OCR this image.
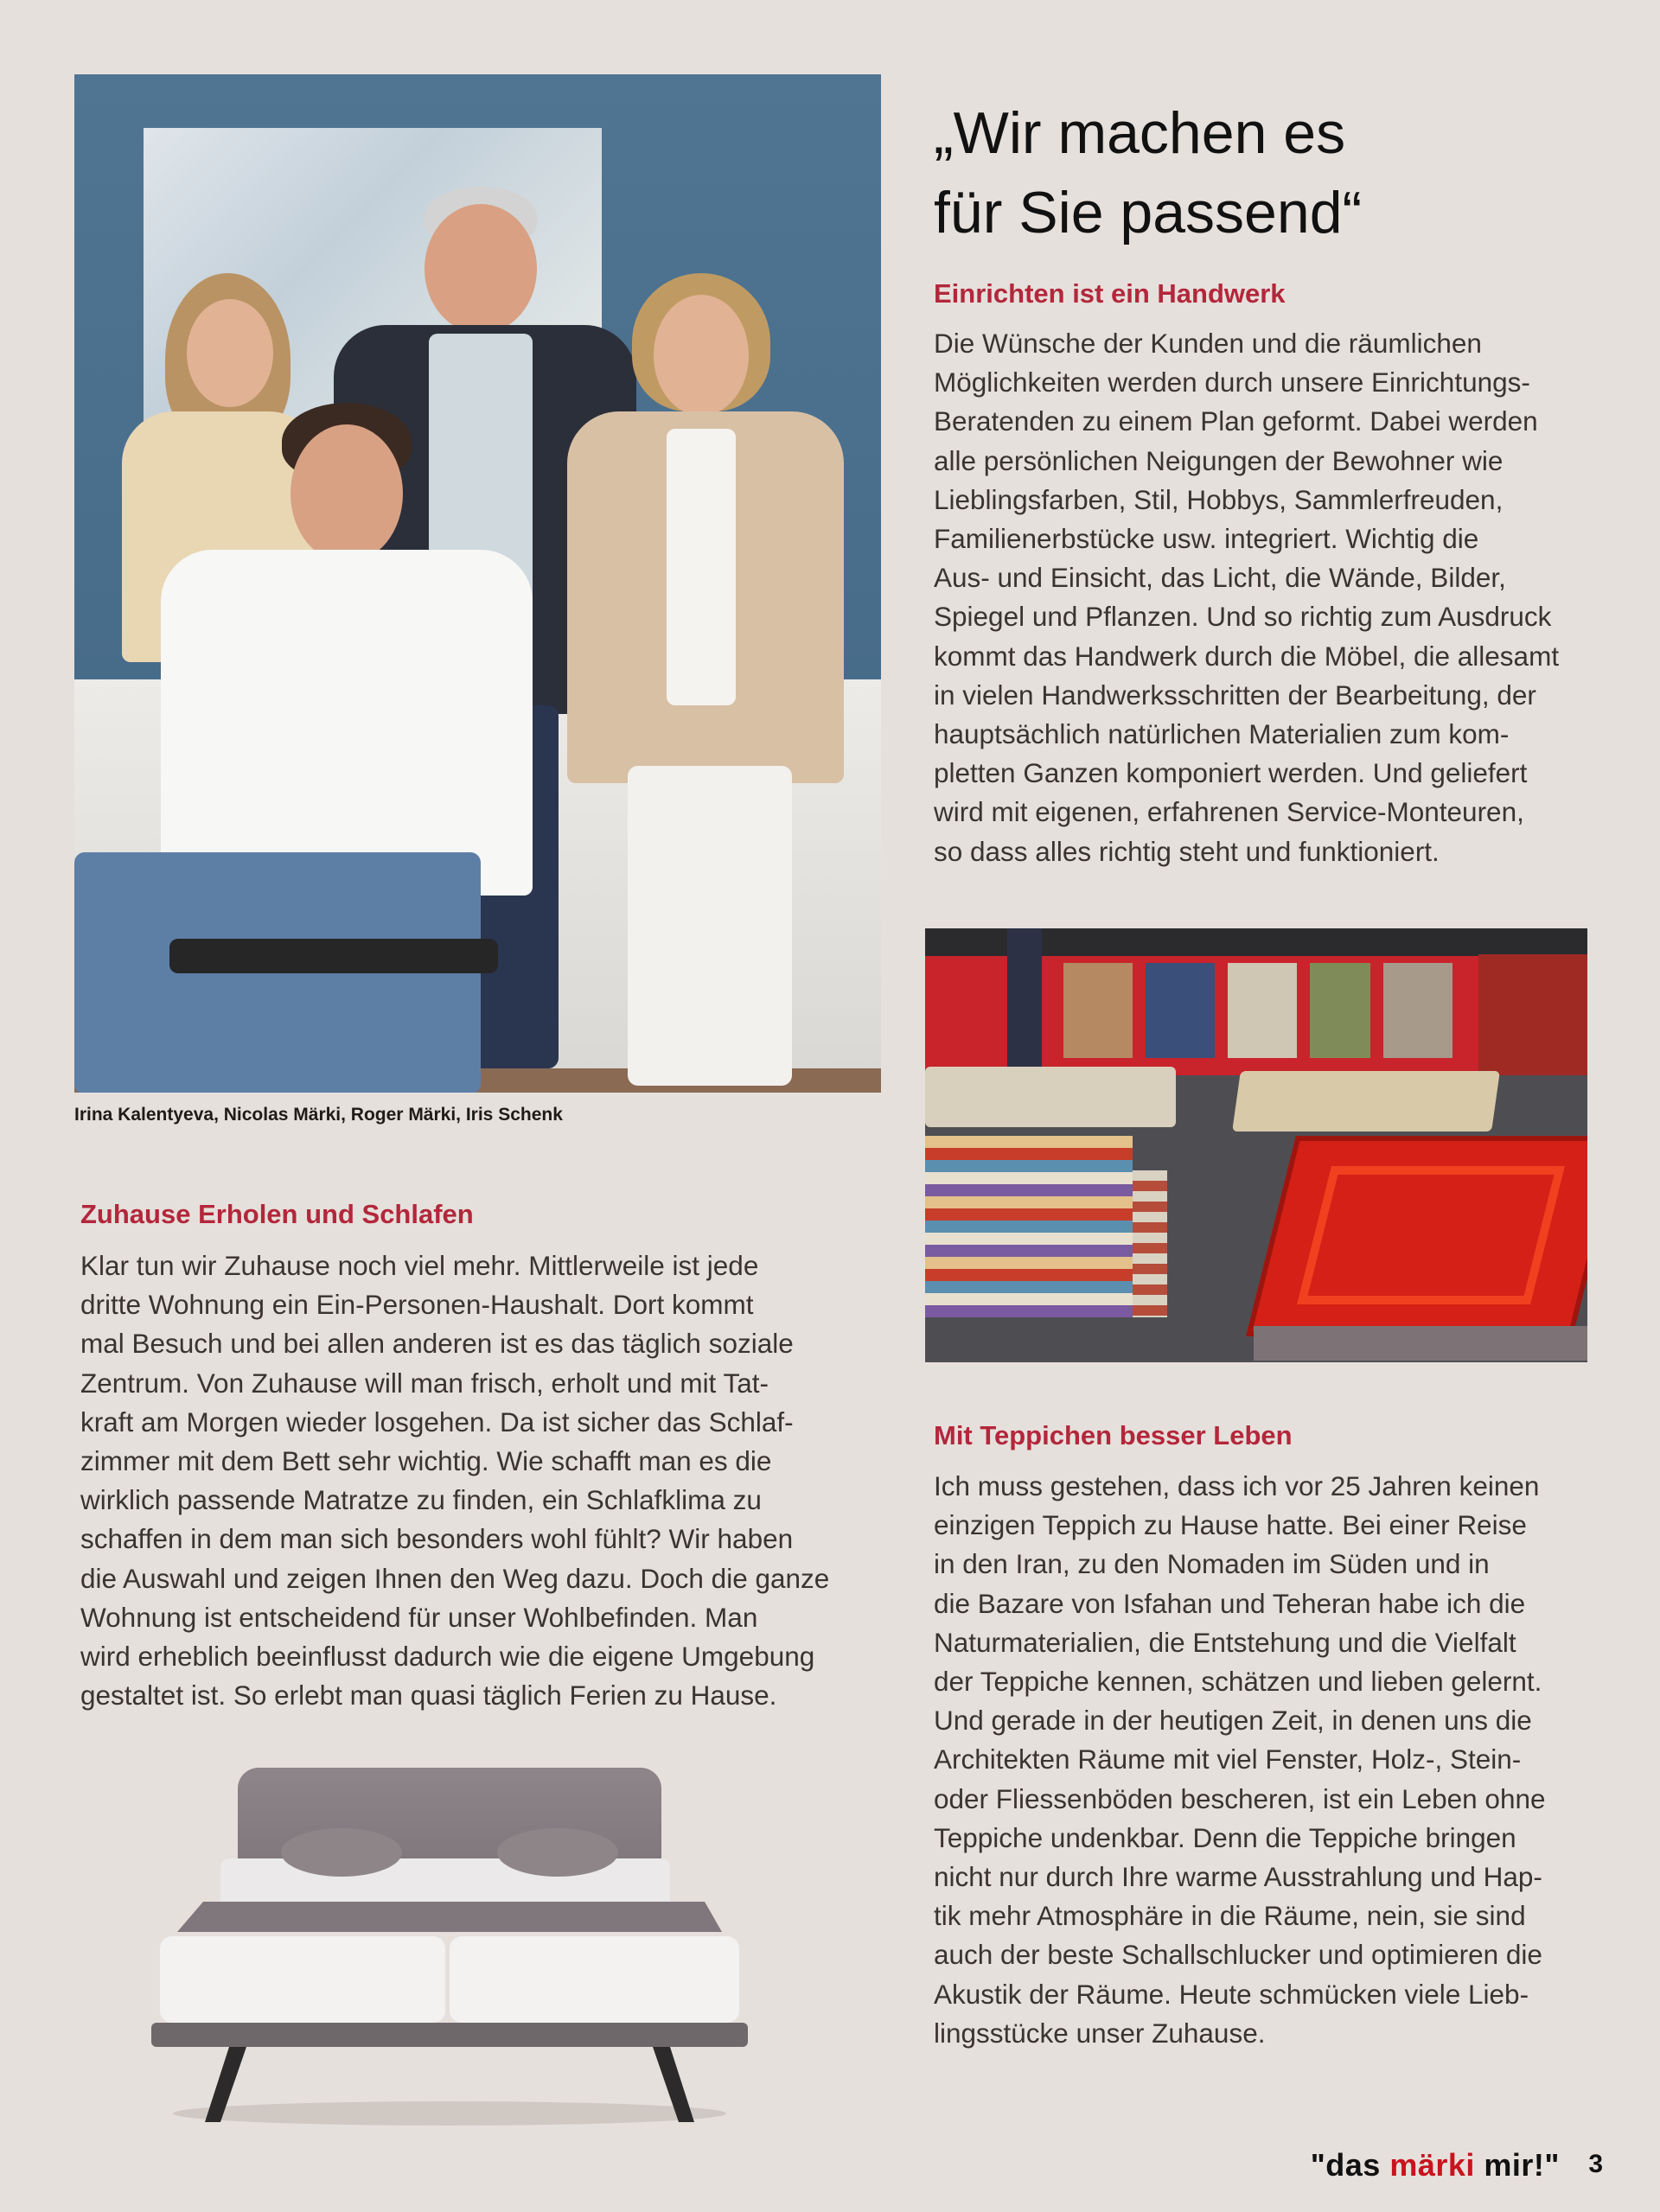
Irina Kalentyeva, Nicolas Märki, Roger Märki, Iris Schenk
„Wir machen es
für Sie passend“
Einrichten ist ein Handwerk
Die Wünsche der Kunden und die räumlichen
Möglichkeiten werden durch unsere Einrichtungs-
Beratenden zu einem Plan geformt. Dabei werden
alle persönlichen Neigungen der Bewohner wie
Lieblingsfarben, Stil, Hobbys, Sammlerfreuden,
Familienerbstücke usw. integriert. Wichtig die
Aus- und Einsicht, das Licht, die Wände, Bilder,
Spiegel und Pflanzen. Und so richtig zum Ausdruck
kommt das Handwerk durch die Möbel, die allesamt
in vielen Handwerksschritten der Bearbeitung, der
hauptsächlich natürlichen Materialien zum kom-
pletten Ganzen komponiert werden. Und geliefert
wird mit eigenen, erfahrenen Service-Monteuren,
so dass alles richtig steht und funktioniert.
Zuhause Erholen und Schlafen
Klar tun wir Zuhause noch viel mehr. Mittlerweile ist jede
dritte Wohnung ein Ein-Personen-Haushalt. Dort kommt
mal Besuch und bei allen anderen ist es das täglich soziale
Zentrum. Von Zuhause will man frisch, erholt und mit Tat-
kraft am Morgen wieder losgehen. Da ist sicher das Schlaf-
zimmer mit dem Bett sehr wichtig. Wie schafft man es die
wirklich passende Matratze zu finden, ein Schlafklima zu
schaffen in dem man sich besonders wohl fühlt? Wir haben
die Auswahl und zeigen Ihnen den Weg dazu. Doch die ganze
Wohnung ist entscheidend für unser Wohlbefinden. Man
wird erheblich beeinflusst dadurch wie die eigene Umgebung
gestaltet ist. So erlebt man quasi täglich Ferien zu Hause.
Mit Teppichen besser Leben
Ich muss gestehen, dass ich vor 25 Jahren keinen
einzigen Teppich zu Hause hatte. Bei einer Reise
in den Iran, zu den Nomaden im Süden und in
die Bazare von Isfahan und Teheran habe ich die
Naturmaterialien, die Entstehung und die Vielfalt
der Teppiche kennen, schätzen und lieben gelernt.
Und gerade in der heutigen Zeit, in denen uns die
Architekten Räume mit viel Fenster, Holz-, Stein-
oder Fliessenböden bescheren, ist ein Leben ohne
Teppiche undenkbar. Denn die Teppiche bringen
nicht nur durch Ihre warme Ausstrahlung und Hap-
tik mehr Atmosphäre in die Räume, nein, sie sind
auch der beste Schallschlucker und optimieren die
Akustik der Räume. Heute schmücken viele Lieb-
lingsstücke unser Zuhause.
"das märki mir!" 3
